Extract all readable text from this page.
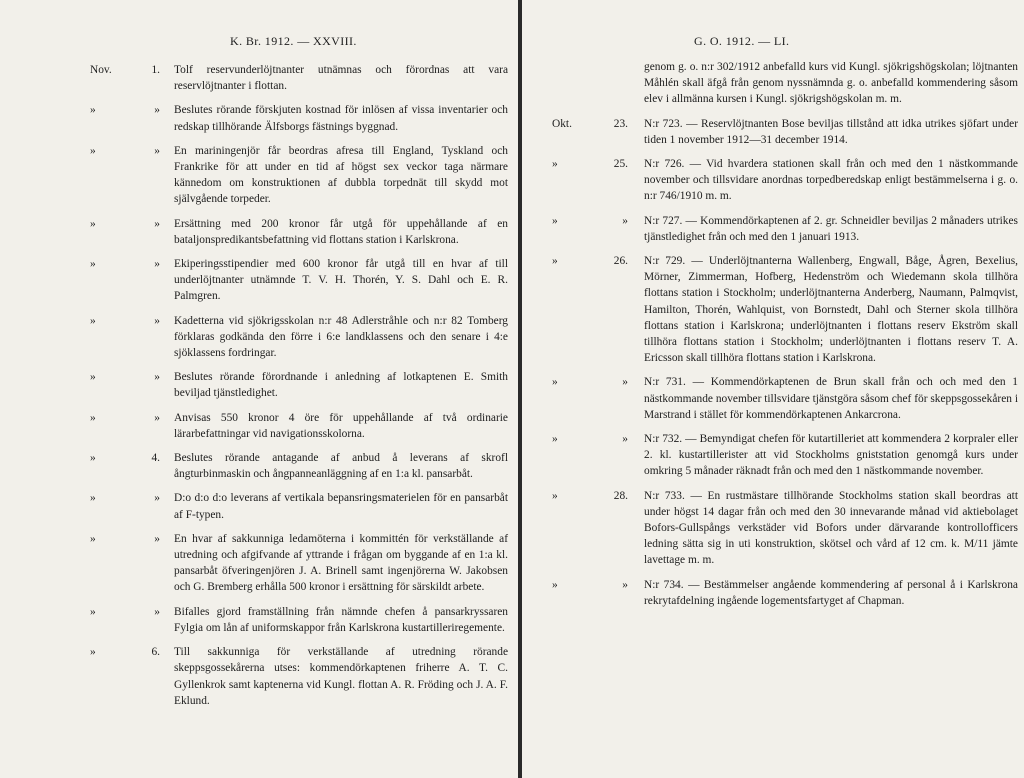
K. Br. 1912. — XXVIII.
Nov.	1. Tolf reservunderlöjtnanter utnämnas och förordnas att vara reservlöjtnanter i flottan.
»	» Beslutes rörande förskjuten kostnad för inlösen af vissa inventarier och redskap tillhörande Älfsborgs fästnings byggnad.
»	» En mariningenjör får beordras afresa till England, Tyskland och Frankrike för att under en tid af högst sex veckor taga närmare kännedom om konstruktionen af dubbla torpednät till skydd mot självgående torpeder.
»	» Ersättning med 200 kronor får utgå för uppehållande af en bataljonspredikantsbefattning vid flottans station i Karlskrona.
»	» Ekiperingsstipendier med 600 kronor får utgå till en hvar af till underlöjtnanter utnämnde T. V. H. Thorén, Y. S. Dahl och E. R. Palmgren.
»	» Kadetterna vid sjökrigsskolan n:r 48 Adlerstråhle och n:r 82 Tomberg förklaras godkända den förre i 6:e landklassens och den senare i 4:e sjöklassens fordringar.
»	» Beslutes rörande förordnande i anledning af lotkaptenen E. Smith beviljad tjänstledighet.
»	» Anvisas 550 kronor 4 öre för uppehållande af två ordinarie lärarbefattningar vid navigationsskolorna.
»	4. Beslutes rörande antagande af anbud å leverans af skrofl ångturbinmaskin och ångpanneanläggning af en 1:a kl. pansarbåt.
»	» D:o d:o d:o leverans af vertikala bepansringsmaterielen för en pansarbåt af F-typen.
»	» En hvar af sakkunniga ledamöterna i kommittén för verkställande af utredning och afgifvande af yttrande i frågan om byggande af en 1:a kl. pansarbåt öfveringenjören J. A. Brinell samt ingenjörerna W. Jakobsen och G. Bremberg erhålla 500 kronor i ersättning för särskildt arbete.
»	» Bifalles gjord framställning från nämnde chefen å pansarkryssaren Fylgia om lån af uniformskappor från Karlskrona kustartilleriregemente.
»	6. Till sakkunniga för verkställande af utredning rörande skeppsgossekårerna utses: kommendörkaptenen friherre A. T. C. Gyllenkrok samt kaptenerna vid Kungl. flottan A. R. Fröding och J. A. F. Eklund.
G. O. 1912. — LI.
genom g. o. n:r 302/1912 anbefalld kurs vid Kungl. sjökrigshögskolan; löjtnanten Måhlén skall äfgå från genom nyssnämnda g. o. anbefalld kommendering såsom elev i allmänna kursen i Kungl. sjökrigshögskolan m. m.
Okt.	23. N:r 723. — Reservlöjtnanten Bose beviljas tillstånd att idka utrikes sjöfart under tiden 1 november 1912—31 december 1914.
»	25. N:r 726. — Vid hvardera stationen skall från och med den 1 nästkommande november och tillsvidare anordnas torpedberedskap enligt bestämmelserna i g. o. n:r 746/1910 m. m.
»	» N:r 727. — Kommendörkaptenen af 2. gr. Schneidler beviljas 2 månaders utrikes tjänstledighet från och med den 1 januari 1913.
»	26. N:r 729. — Underlöjtnanterna Wallenberg, Engwall, Båge, Ågren, Bexelius, Mörner, Zimmerman, Hofberg, Hedenström och Wiedemann skola tillhöra flottans station i Stockholm; underlöjtnanterna Anderberg, Naumann, Palmqvist, Hamilton, Thorén, Wahlquist, von Bornstedt, Dahl och Sterner skola tillhöra flottans station i Karlskrona; underlöjtnanten i flottans reserv Ekström skall tillhöra flottans station i Stockholm; underlöjtnanten i flottans reserv T. A. Ericsson skall tillhöra flottans station i Karlskrona.
»	» N:r 731. — Kommendörkaptenen de Brun skall från och och med den 1 nästkommande november tillsvidare tjänstgöra såsom chef för skeppsgossekåren i Marstrand i stället för kommendörkaptenen Ankarcrona.
»	» N:r 732. — Bemyndigat chefen för kutartilleriet att kommendera 2 korpraler eller 2. kl. kustartillerister att vid Stockholms gniststation genomgå kurs under omkring 5 månader räknadt från och med den 1 nästkommande november.
»	28. N:r 733. — En rustmästare tillhörande Stockholms station skall beordras att under högst 14 dagar från och med den 30 innevarande månad vid aktiebolaget Bofors-Gullspångs verkstäder vid Bofors under därvarande kontrollofficers ledning sätta sig in uti konstruktion, skötsel och vård af 12 cm. k. M/11 jämte lavettage m. m.
»	» N:r 734. — Bestämmelser angående kommendering af personal å i Karlskrona rekrytafdelning ingående logementsfartyget af Chapman.
